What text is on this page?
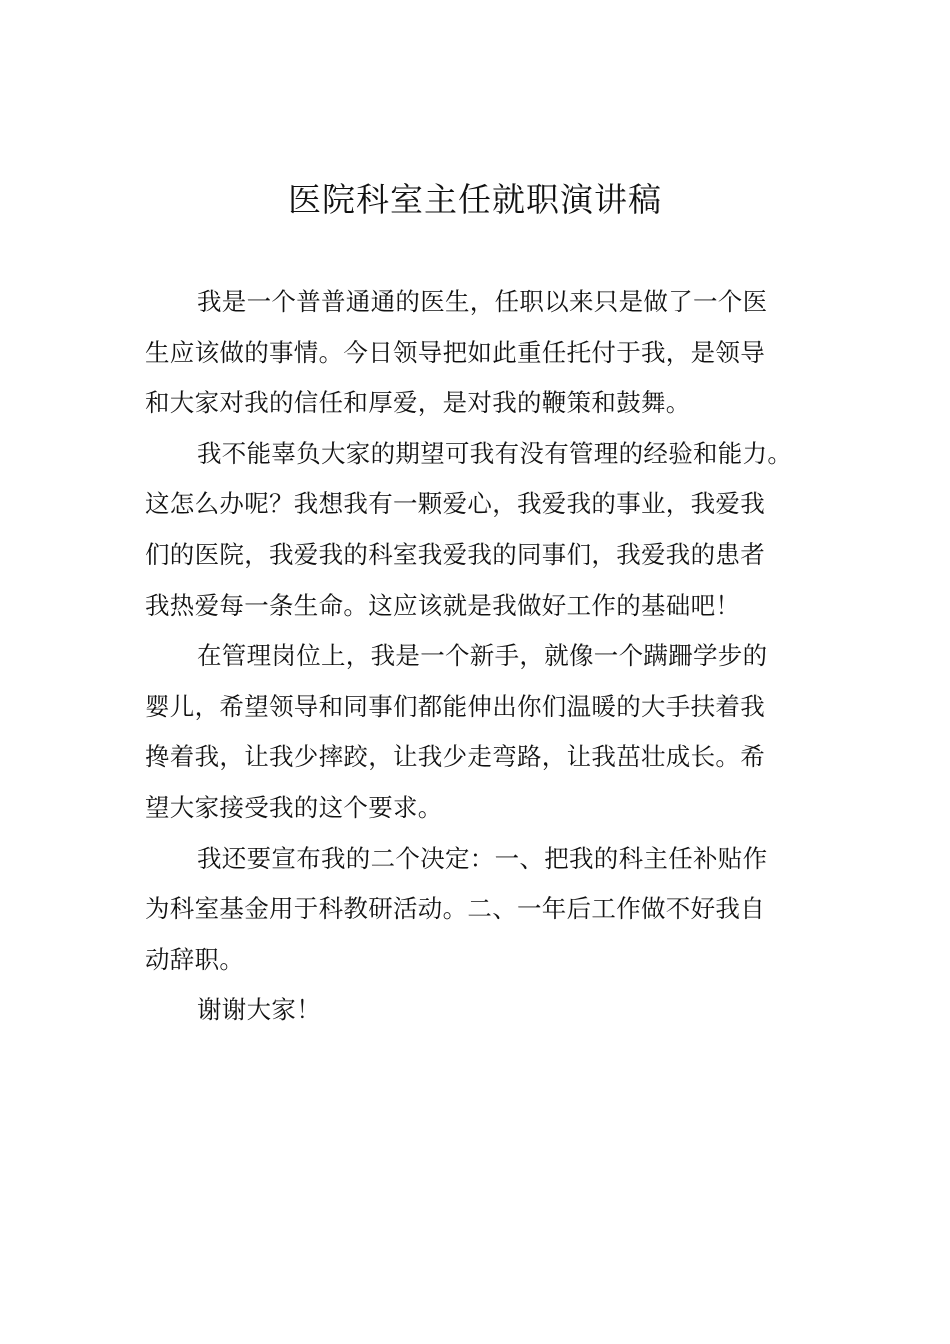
医院科室主任就职演讲稿

我是一个普普通通的医生，任职以来只是做了一个医
生应该做的事情。今日领导把如此重任托付于我，是领导
和大家对我的信任和厚爱，是对我的鞭策和鼓舞。

我不能辜负大家的期望可我有没有管理的经验和能力。
这怎么办呢？我想我有一颗爱心，我爱我的事业，我爱我
们的医院，我爱我的科室我爱我的同事们，我爱我的患者
我热爱每一条生命。这应该就是我做好工作的基础吧！

在管理岗位上，我是一个新手，就像一个蹒跚学步的
婴儿，希望领导和同事们都能伸出你们温暖的大手扶着我
搀着我，让我少摔跤，让我少走弯路，让我茁壮成长。希
望大家接受我的这个要求。

我还要宣布我的二个决定：一、把我的科主任补贴作
为科室基金用于科教研活动。二、一年后工作做不好我自
动辞职。

谢谢大家！
